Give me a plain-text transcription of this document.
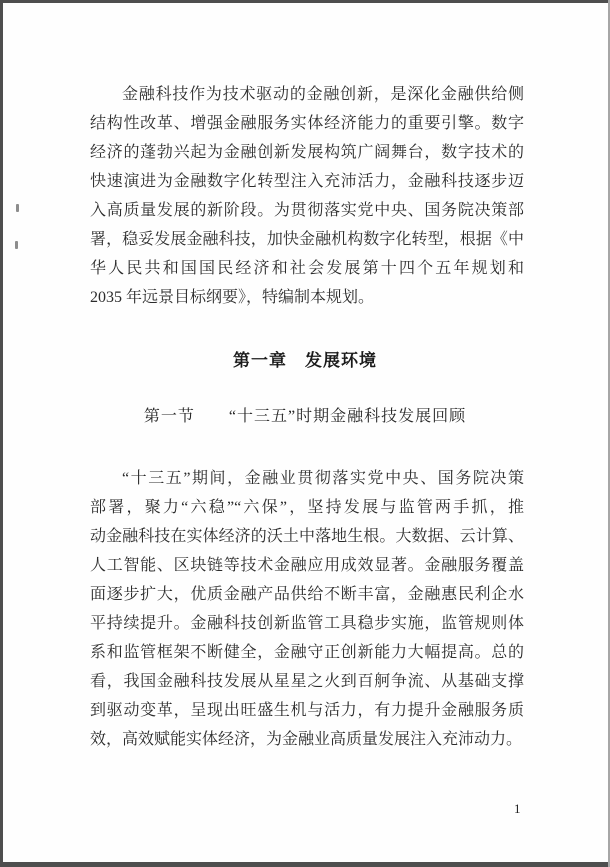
金融科技作为技术驱动的金融创新，是深化金融供给侧
结构性改革、增强金融服务实体经济能力的重要引擎。数字
经济的蓬勃兴起为金融创新发展构筑广阔舞台，数字技术的
快速演进为金融数字化转型注入充沛活力，金融科技逐步迈
入高质量发展的新阶段。为贯彻落实党中央、国务院决策部
署，稳妥发展金融科技，加快金融机构数字化转型，根据《中
华人民共和国国民经济和社会发展第十四个五年规划和
2035 年远景目标纲要》，特编制本规划。
第一章　发展环境
第一节　　“十三五”时期金融科技发展回顾
“十三五”期间，金融业贯彻落实党中央、国务院决策
部署，聚力“六稳”“六保”，坚持发展与监管两手抓，推
动金融科技在实体经济的沃土中落地生根。大数据、云计算、
人工智能、区块链等技术金融应用成效显著。金融服务覆盖
面逐步扩大，优质金融产品供给不断丰富，金融惠民利企水
平持续提升。金融科技创新监管工具稳步实施，监管规则体
系和监管框架不断健全，金融守正创新能力大幅提高。总的
看，我国金融科技发展从星星之火到百舸争流、从基础支撑
到驱动变革，呈现出旺盛生机与活力，有力提升金融服务质
效，高效赋能实体经济，为金融业高质量发展注入充沛动力。
1
